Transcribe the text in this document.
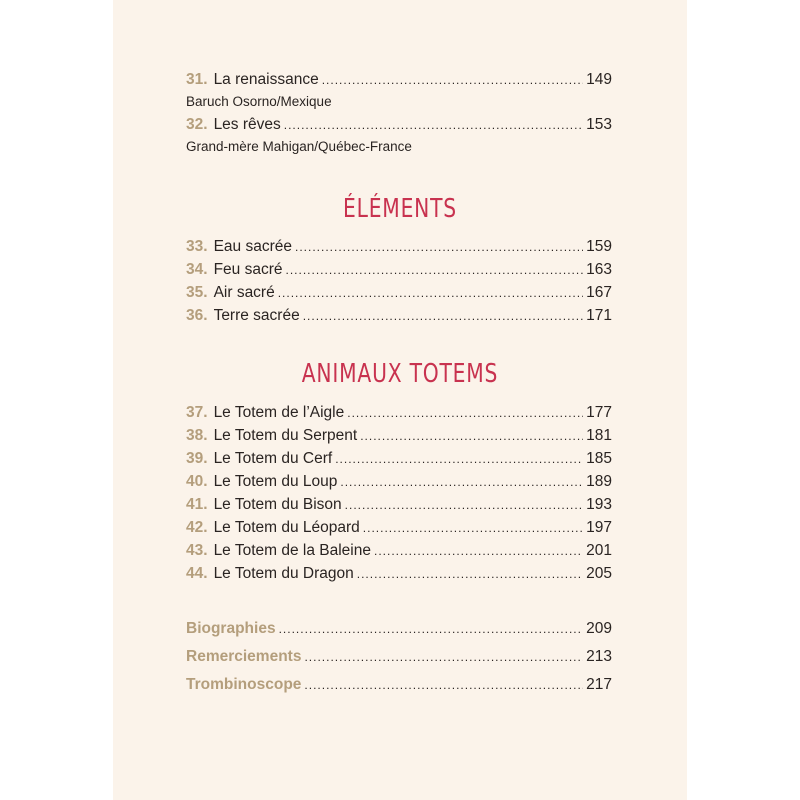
31. La renaissance .....	149
Baruch Osorno/Mexique
32. Les rêves .....	153
Grand-mère Mahigan/Québec-France
ÉLÉMENTS
33. Eau sacrée .....	159
34. Feu sacré .....	163
35. Air sacré .....	167
36. Terre sacrée .....	171
ANIMAUX TOTEMS
37. Le Totem de l’Aigle .....	177
38. Le Totem du Serpent .....	181
39. Le Totem du Cerf .....	185
40. Le Totem du Loup .....	189
41. Le Totem du Bison .....	193
42. Le Totem du Léopard .....	197
43. Le Totem de la Baleine .....	201
44. Le Totem du Dragon .....	205
Biographies .....	209
Remerciements .....	213
Trombinoscope .....	217
